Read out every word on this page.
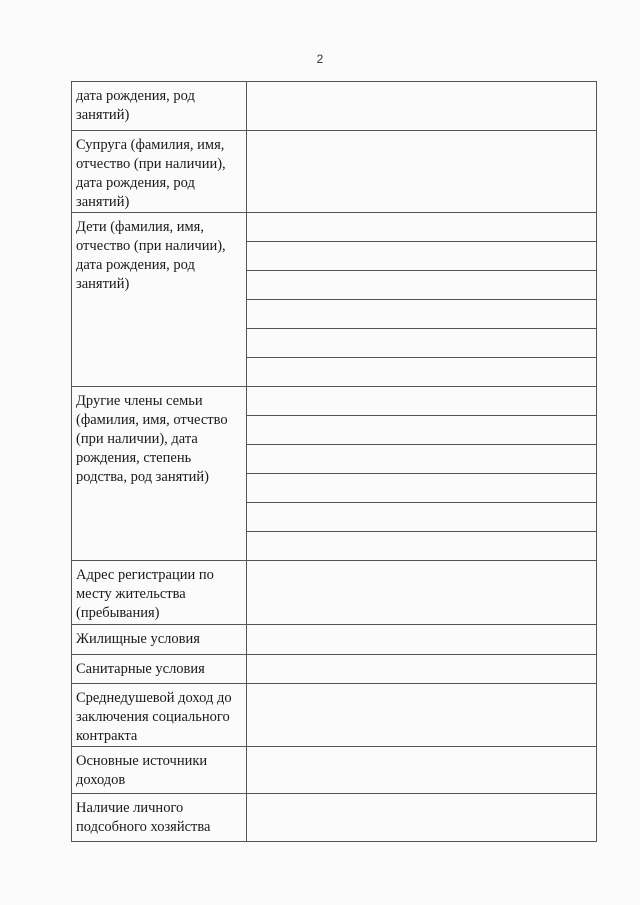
2
дата рождения, род занятий)	
Супруга (фамилия, имя, отчество (при наличии), дата рождения, род занятий)	
Дети (фамилия, имя, отчество (при наличии), дата рождения, род занятий)	

Другие члены семьи (фамилия, имя, отчество (при наличии), дата рождения, степень родства, род занятий)	

Адрес регистрации по месту жительства (пребывания)	
Жилищные условия	
Санитарные условия	
Среднедушевой доход до заключения социального контракта	
Основные источники доходов	
Наличие личного подсобного хозяйства	
